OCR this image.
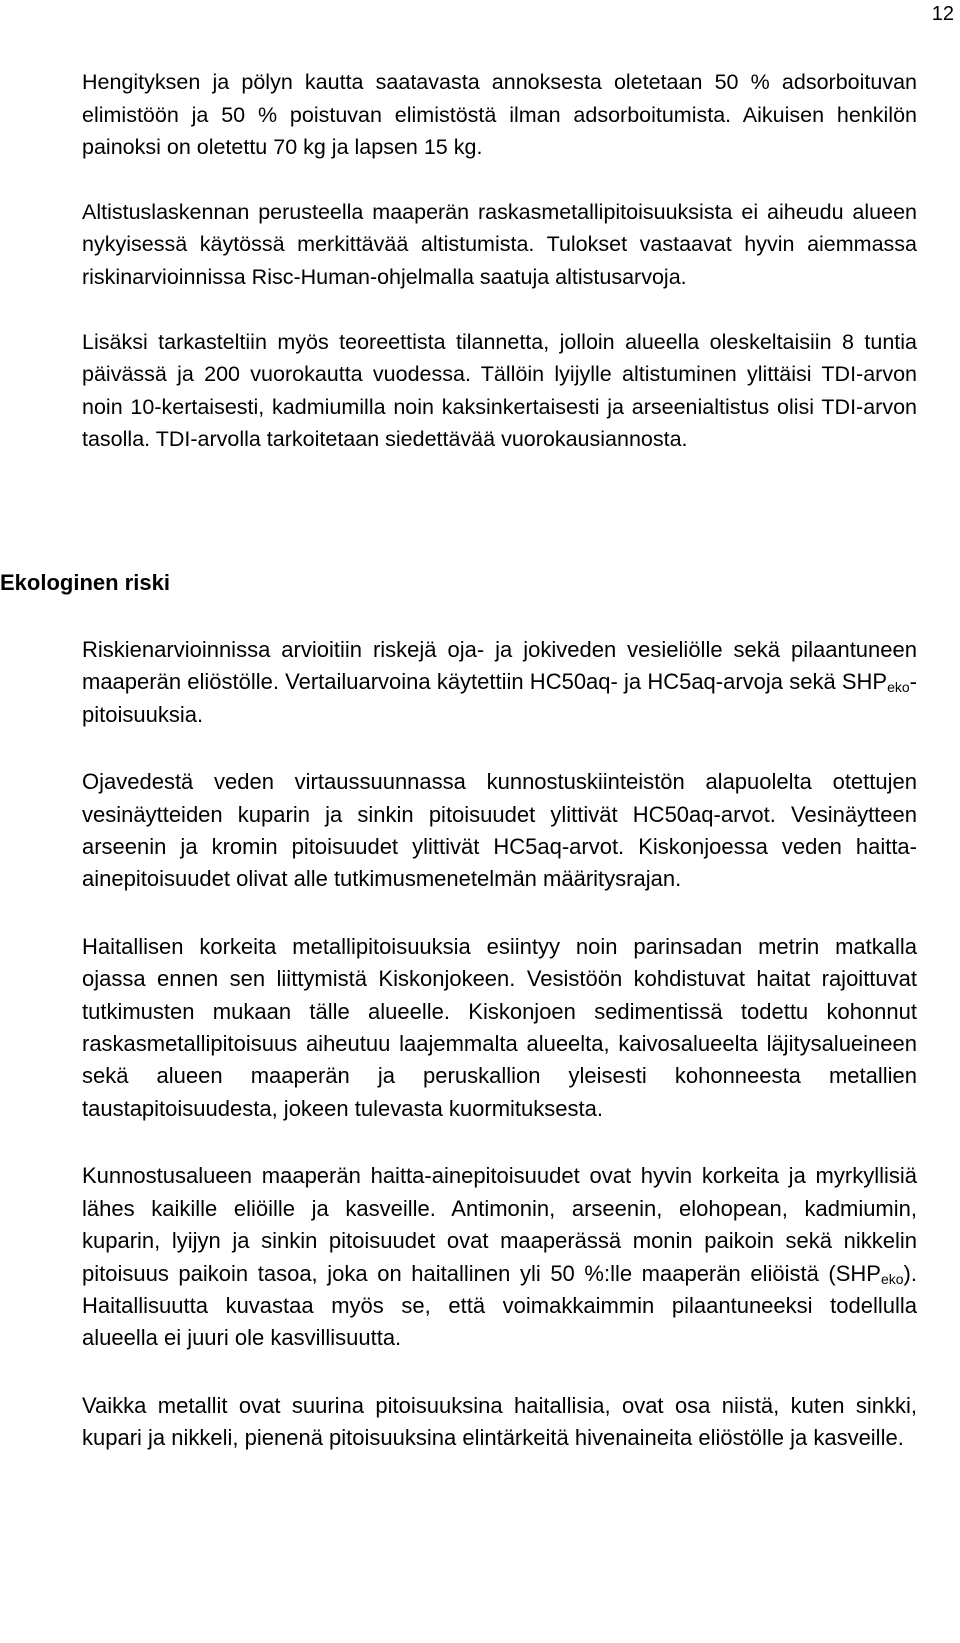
12

Hengityksen ja pölyn kautta saatavasta annoksesta oletetaan 50 % adsorboituvan elimistöön ja 50 % poistuvan elimistöstä ilman adsorboitumista. Aikuisen henkilön painoksi on oletettu 70 kg ja lapsen 15 kg.

Altistuslaskennan perusteella maaperän raskasmetallipitoisuuksista ei aiheudu alueen nykyisessä käytössä merkittävää altistumista. Tulokset vastaavat hyvin aiemmassa riskinarvioinnissa Risc-Human-ohjelmalla saatuja altistusarvoja.

Lisäksi tarkasteltiin myös teoreettista tilannetta, jolloin alueella oleskeltaisiin 8 tuntia päivässä ja 200 vuorokautta vuodessa. Tällöin lyijylle altistuminen ylittäisi TDI-arvon noin 10-kertaisesti, kadmiumilla noin kaksinkertaisesti ja arseenialtistus olisi TDI-arvon tasolla. TDI-arvolla tarkoitetaan siedettävää vuorokausiannosta.

Ekologinen riski

Riskienarvioinnissa arvioitiin riskejä oja- ja jokiveden vesieliölle sekä pilaantuneen maaperän eliöstölle. Vertailuarvoina käytettiin HC50aq- ja HC5aq-arvoja sekä $SHP_{eko}$-pitoisuuksia.

Ojavedestä veden virtaussuunnassa kunnostuskiinteistön alapuolelta otettujen vesinäytteiden kuparin ja sinkin pitoisuudet ylittivät HC50aq-arvot. Vesinäytteen arseenin ja kromin pitoisuudet ylittivät HC5aq-arvot. Kiskonjoessa veden haitta-ainepitoisuudet olivat alle tutkimusmenetelmän määritysrajan.

Haitallisen korkeita metallipitoisuuksia esiintyy noin parinsadan metrin matkalla ojassa ennen sen liittymistä Kiskonjokeen. Vesistöön kohdistuvat haitat rajoittuvat tutkimusten mukaan tälle alueelle. Kiskonjoen sedimentissä todettu kohonnut raskasmetallipitoisuus aiheutuu laajemmalta alueelta, kaivosalueelta läjitysalueineen sekä alueen maaperän ja peruskallion yleisesti kohonneesta metallien taustapitoisuudesta, jokeen tulevasta kuormituksesta.

Kunnostusalueen maaperän haitta-ainepitoisuudet ovat hyvin korkeita ja myrkyllisiä lähes kaikille eliöille ja kasveille. Antimonin, arseenin, elohopean, kadmiumin, kuparin, lyijyn ja sinkin pitoisuudet ovat maaperässä monin paikoin sekä nikkelin pitoisuus paikoin tasoa, joka on haitallinen yli 50 %:lle maaperän eliöistä $(SHP_{eko})$. Haitallisuutta kuvastaa myös se, että voimakkaimmin pilaantuneeksi todellulla alueella ei juuri ole kasvillisuutta.

Vaikka metallit ovat suurina pitoisuuksina haitallisia, ovat osa niistä, kuten sinkki, kupari ja nikkeli, pienenä pitoisuuksina elintärkeitä hivenaineita eliöstölle ja kasveille.
